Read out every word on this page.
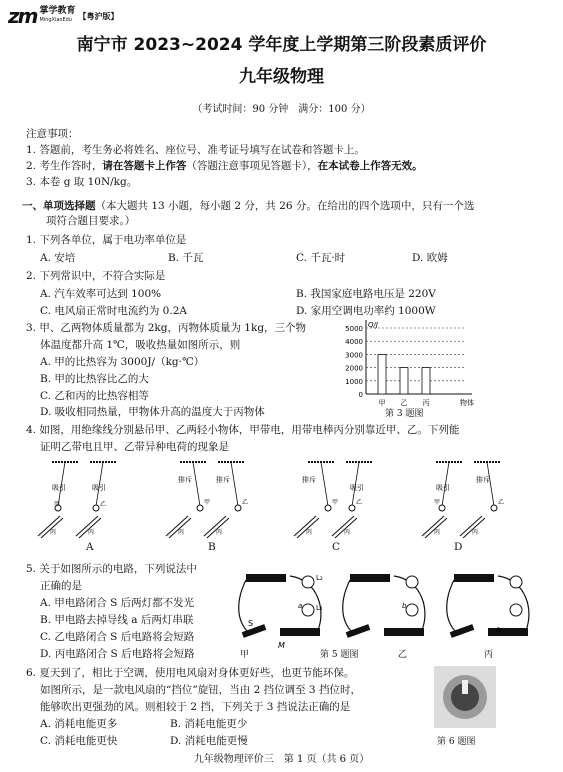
zm 掌学教育
MingXiaoEdu 【粤沪版】
南宁市 2023~2024 学年度上学期第三阶段素质评价
九年级物理
（考试时间：90 分钟　满分：100 分）
注意事项：
1. 答题前，考生务必将姓名、座位号、准考证号填写在试卷和答题卡上。
2. 考生作答时，请在答题卡上作答（答题注意事项见答题卡），在本试卷上作答无效。
3. 本卷 g 取 10N/kg。
一、单项选择题（本大题共 13 小题，每小题 2 分，共 26 分。在给出的四个选项中，只有一个选
项符合题目要求。）
1. 下列各单位，属于电功率单位是
A. 安培	B. 千瓦	C. 千瓦·时	D. 欧姆
2. 下列常识中，不符合实际是
A. 汽车效率可达到 100%	B. 我国家庭电路电压是 220V
C. 电风扇正常时电流约为 0.2A	D. 家用空调电功率约 1000W
3. 甲、乙两物体质量都为 2kg，丙物体质量为 1kg，三个物
体温度都升高 1℃，吸收热量如图所示，则
A. 甲的比热容为 3000J/（kg·℃）
B. 甲的比热容比乙的大
C. 乙和丙的比热容相等
D. 吸收相同热量，甲物体升高的温度大于丙物体
0
1000
2000
3000
4000
5000 Q/J
物体
甲 乙 丙
第 3 题图
4. 如图，用绝缘线分别悬吊甲、乙两轻小物体，甲带电，用带电棒丙分别靠近甲、乙。下列能
证明乙带电且甲、乙带异种电荷的现象是
吸引	吸引
甲	乙
丙	丙
排斥	排斥
甲	乙
丙	丙
排斥
吸引
甲	乙
丙	丙
吸引
排斥
甲	乙
丙	丙
A	B	C	D
5. 关于如图所示的电路，下列说法中
正确的是
A. 甲电路闭合 S 后两灯都不发光
B. 甲电路去掉导线 a 后两灯串联
C. 乙电路闭合 S 后电路将会短路
D. 丙电路闭合 S 后电路将会短路
S
M
a
L₂
L₁	b
A
甲	第 5 题图	乙	丙
6. 夏天到了，相比于空调，使用电风扇对身体更好些，也更节能环保。
如图所示，是一款电风扇的“挡位”旋钮，当由 2 挡位调至 3 挡位时，
能够吹出更强劲的风。则相较于 2 挡，下列关于 3 挡说法正确的是
A. 消耗电能更多	B. 消耗电能更少
C. 消耗电能更快	D. 消耗电能更慢	第 6 题图
九年级物理评价三　第 1 页（共 6 页）
